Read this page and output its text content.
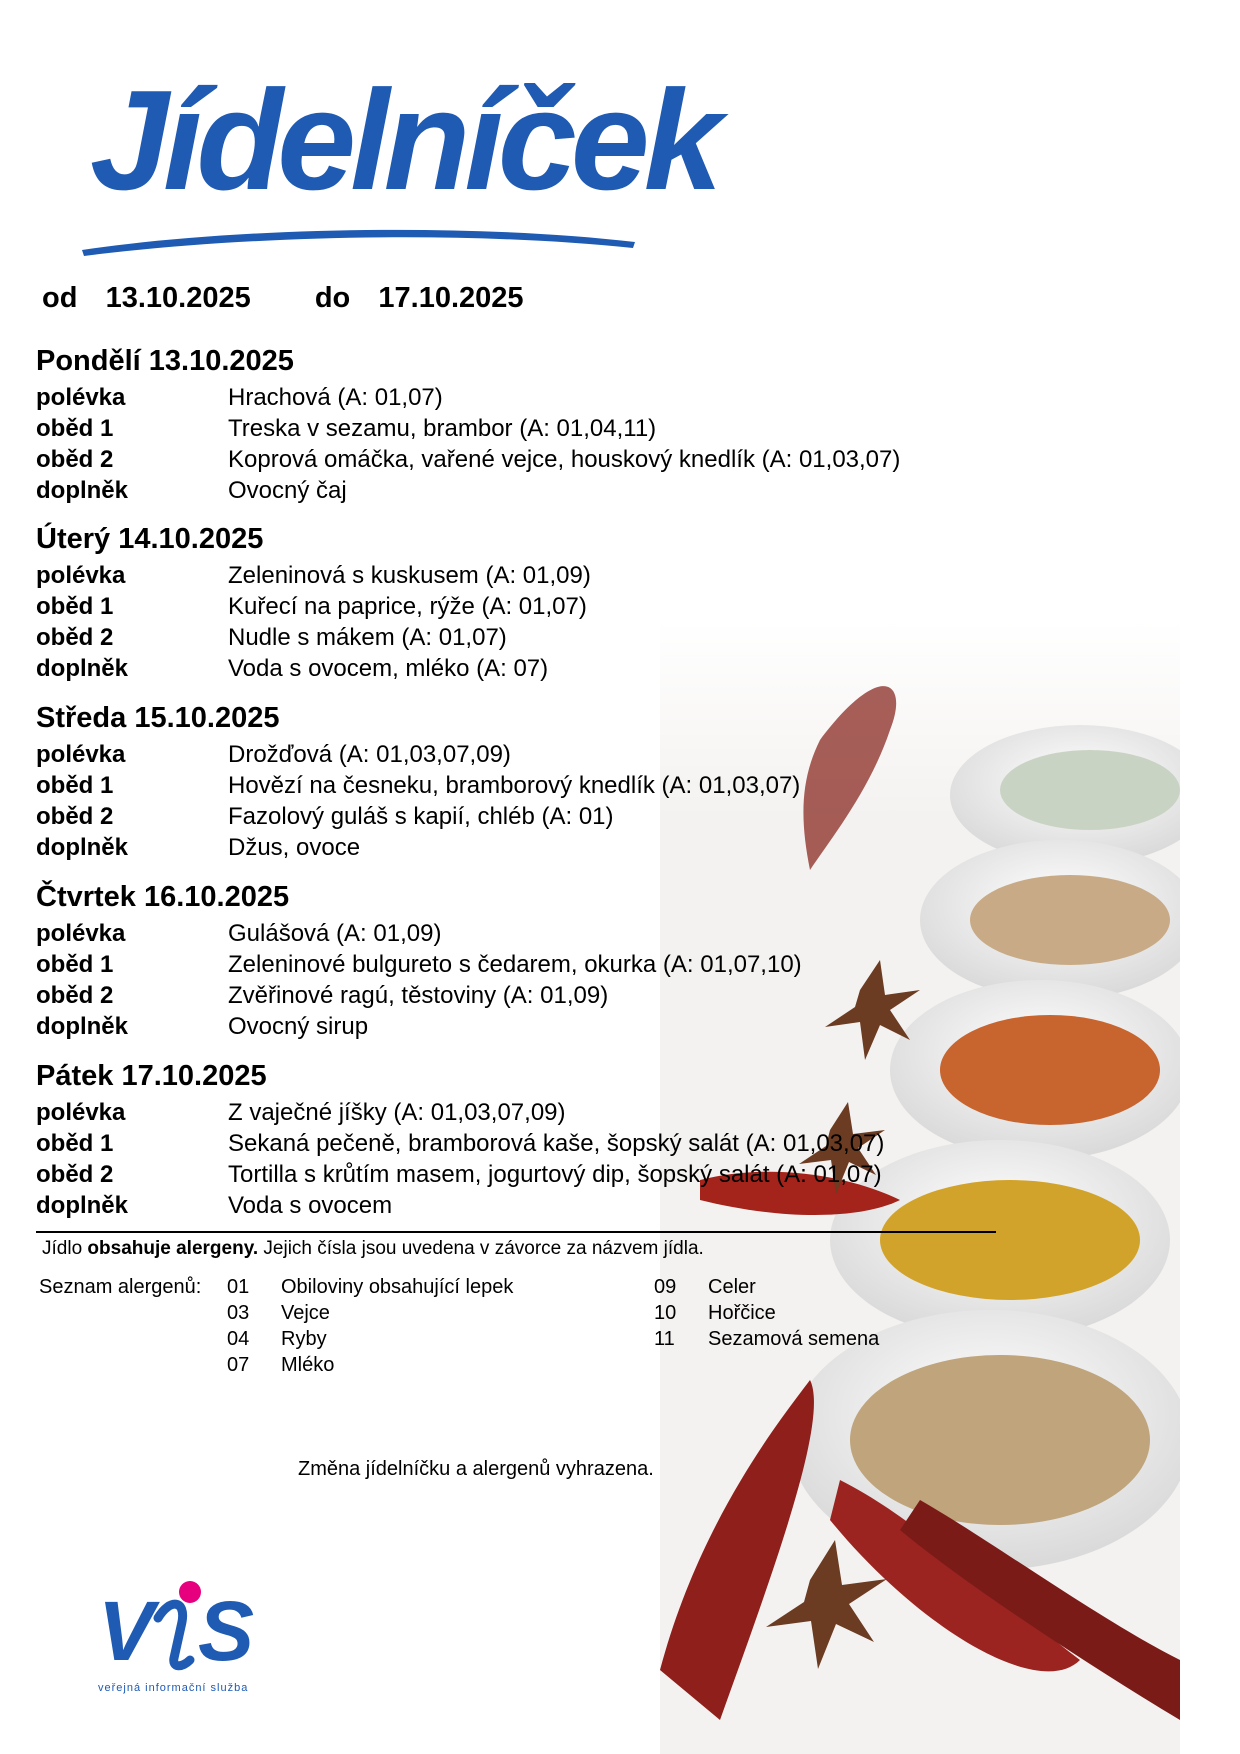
Jídelníček
od 13.10.2025 do 17.10.2025
Pondělí 13.10.2025
polévka	Hrachová (A: 01,07)
oběd 1	Treska v sezamu, brambor (A: 01,04,11)
oběd 2	Koprová omáčka, vařené vejce, houskový knedlík (A: 01,03,07)
doplněk	Ovocný čaj
Úterý 14.10.2025
polévka	Zeleninová s kuskusem (A: 01,09)
oběd 1	Kuřecí na paprice, rýže (A: 01,07)
oběd 2	Nudle s mákem (A: 01,07)
doplněk	Voda s ovocem, mléko (A: 07)
Středa 15.10.2025
polévka	Drožďová (A: 01,03,07,09)
oběd 1	Hovězí na česneku, bramborový knedlík (A: 01,03,07)
oběd 2	Fazolový guláš s kapií, chléb (A: 01)
doplněk	Džus, ovoce
Čtvrtek 16.10.2025
polévka	Gulášová (A: 01,09)
oběd 1	Zeleninové bulgureto s čedarem, okurka (A: 01,07,10)
oběd 2	Zvěřinové ragú, těstoviny (A: 01,09)
doplněk	Ovocný sirup
Pátek 17.10.2025
polévka	Z vaječné jíšky (A: 01,03,07,09)
oběd 1	Sekaná pečeně, bramborová kaše, šopský salát (A: 01,03,07)
oběd 2	Tortilla s krůtím masem, jogurtový dip, šopský salát (A: 01,07)
doplněk	Voda s ovocem
Jídlo obsahuje alergeny. Jejich čísla jsou uvedena v závorce za názvem jídla.
Seznam alergenů: 01 Obiloviny obsahující lepek
03 Vejce
04 Ryby
07 Mléko
09 Celer
10 Hořčice
11 Sezamová semena
Změna jídelníčku a alergenů vyhrazena.
V S
veřejná informační služba
